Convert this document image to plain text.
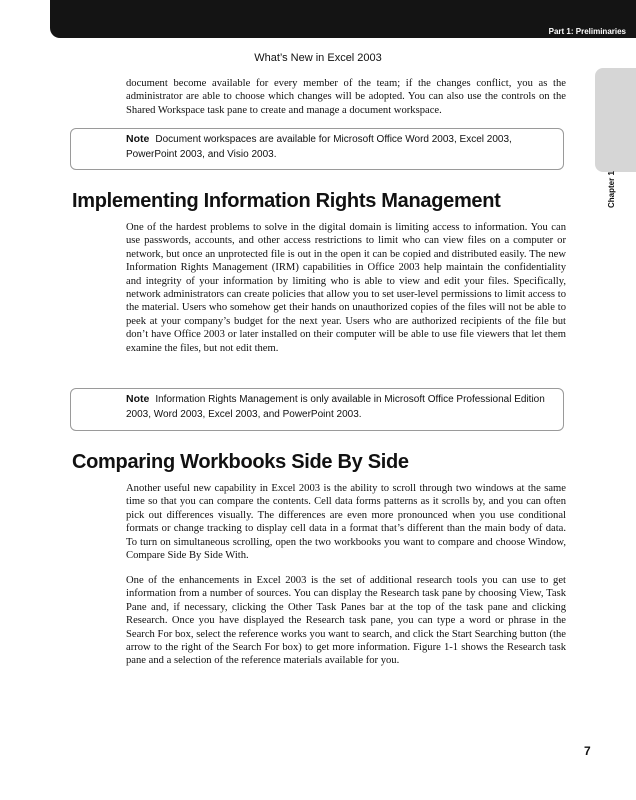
Part 1: Preliminaries
What’s New in Excel 2003
Chapter 1

document become available for every member of the team; if the changes conflict, you as the administrator are able to choose which changes will be adopted. You can also use the controls on the Shared Workspace task pane to create and manage a document workspace.

Note Document workspaces are available for Microsoft Office Word 2003, Excel 2003, PowerPoint 2003, and Visio 2003.
Implementing Information Rights Management

One of the hardest problems to solve in the digital domain is limiting access to information. You can use passwords, accounts, and other access restrictions to limit who can view files on a computer or network, but once an unprotected file is out in the open it can be copied and distributed easily. The new Information Rights Management (IRM) capabilities in Office 2003 help maintain the confidentiality and integrity of your information by limiting who is able to view and edit your files. Specifically, network administrators can create policies that allow you to set user-level permissions to limit access to the material. Users who somehow get their hands on unauthorized copies of the files will not be able to peek at your company’s budget for the next year. Users who are authorized recipients of the file but don’t have Office 2003 or later installed on their computer will be able to use file viewers that let them examine the files, but not edit them.

Note Information Rights Management is only available in Microsoft Office Professional Edition 2003, Word 2003, Excel 2003, and PowerPoint 2003.
Comparing Workbooks Side By Side

Another useful new capability in Excel 2003 is the ability to scroll through two windows at the same time so that you can compare the contents. Cell data forms patterns as it scrolls by, and you can often pick out differences visually. The differences are even more pronounced when you use conditional formats or change tracking to display cell data in a format that’s different than the main body of data. To turn on simultaneous scrolling, open the two workbooks you want to compare and choose Window, Compare Side By Side With.

One of the enhancements in Excel 2003 is the set of additional research tools you can use to get information from a number of sources. You can display the Research task pane by choosing View, Task Pane and, if necessary, clicking the Other Task Panes bar at the top of the task pane and clicking Research. Once you have displayed the Research task pane, you can type a word or phrase in the Search For box, select the reference works you want to search, and click the Start Searching button (the arrow to the right of the Search For box) to get more information. Figure 1-1 shows the Research task pane and a selection of the reference materials available for you.

7
